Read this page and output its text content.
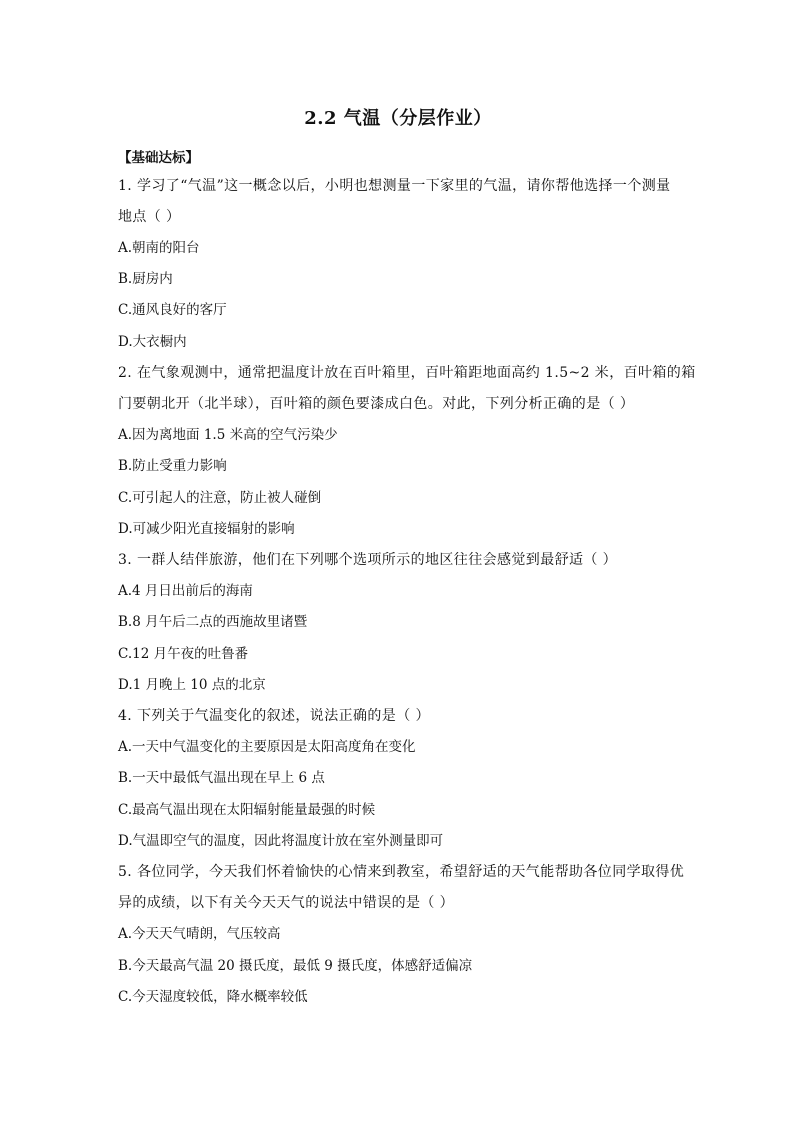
2.2 气温（分层作业）
【基础达标】
1. 学习了“气温”这一概念以后，小明也想测量一下家里的气温，请你帮他选择一个测量
地点（ ）
A.朝南的阳台
B.厨房内
C.通风良好的客厅
D.大衣橱内
2. 在气象观测中，通常把温度计放在百叶箱里，百叶箱距地面高约 1.5~2 米，百叶箱的箱
门要朝北开（北半球），百叶箱的颜色要漆成白色。对此，下列分析正确的是（ ）
A.因为离地面 1.5 米高的空气污染少
B.防止受重力影响
C.可引起人的注意，防止被人碰倒
D.可减少阳光直接辐射的影响
3. 一群人结伴旅游，他们在下列哪个选项所示的地区往往会感觉到最舒适（ ）
A.4 月日出前后的海南
B.8 月午后二点的西施故里诸暨
C.12 月午夜的吐鲁番
D.1 月晚上 10 点的北京
4. 下列关于气温变化的叙述，说法正确的是（ ）
A.一天中气温变化的主要原因是太阳高度角在变化
B.一天中最低气温出现在早上 6 点
C.最高气温出现在太阳辐射能量最强的时候
D.气温即空气的温度，因此将温度计放在室外测量即可
5. 各位同学，今天我们怀着愉快的心情来到教室，希望舒适的天气能帮助各位同学取得优
异的成绩，以下有关今天天气的说法中错误的是（ ）
A.今天天气晴朗，气压较高
B.今天最高气温 20 摄氏度，最低 9 摄氏度，体感舒适偏凉
C.今天湿度较低，降水概率较低
